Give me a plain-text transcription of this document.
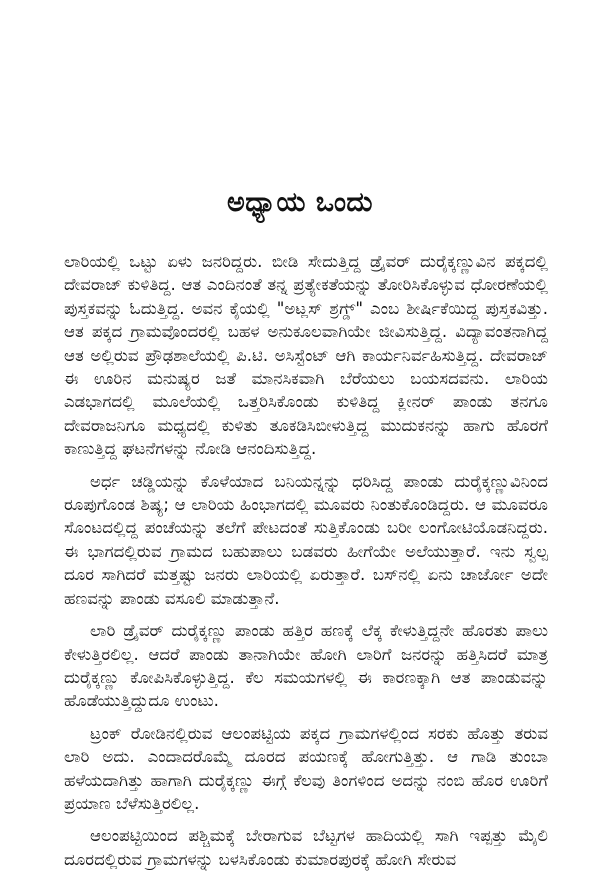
ಅಧ್ಯಾಯ ಒಂದು

ಲಾರಿಯಲ್ಲಿ ಒಟ್ಟು ಏಳು ಜನರಿದ್ದರು. ಬೀಡಿ ಸೇದುತ್ತಿದ್ದ ಡ್ರೈವರ್ ದುರೈಕ್ಕಣ್ಣುವಿನ ಪಕ್ಕದಲ್ಲಿ ದೇವರಾಜ್ ಕುಳಿತಿದ್ದ. ಆತ ಎಂದಿನಂತೆ ತನ್ನ ಪ್ರತ್ಯೇಕತೆಯನ್ನು ತೋರಿಸಿಕೊಳ್ಳುವ ಧೋರಣೆಯಲ್ಲಿ ಪುಸ್ತಕವನ್ನು ಓದುತ್ತಿದ್ದ. ಅವನ ಕೈಯಲ್ಲಿ "ಅಟ್ಲಸ್ ಶ್ರಗ್ಡ್" ಎಂಬ ಶೀರ್ಷಿಕೆಯಿದ್ದ ಪುಸ್ತಕವಿತ್ತು. ಆತ ಪಕ್ಕದ ಗ್ರಾಮವೊಂದರಲ್ಲಿ ಬಹಳ ಅನುಕೂಲವಾಗಿಯೇ ಜೀವಿಸುತ್ತಿದ್ದ. ವಿದ್ಯಾವಂತನಾಗಿದ್ದ ಆತ ಅಲ್ಲಿರುವ ಪ್ರೌಢಶಾಲೆಯಲ್ಲಿ ಪಿ.ಟಿ. ಅಸಿಸ್ಟೆಂಟ್ ಆಗಿ ಕಾರ್ಯನಿರ್ವಹಿಸುತ್ತಿದ್ದ. ದೇವರಾಜ್ ಈ ಊರಿನ ಮನುಷ್ಯರ ಜತೆ ಮಾನಸಿಕವಾಗಿ ಬೆರೆಯಲು ಬಯಸದವನು. ಲಾರಿಯ ಎಡಭಾಗದಲ್ಲಿ ಮೂಲೆಯಲ್ಲಿ ಒತ್ತರಿಸಿಕೊಂಡು ಕುಳಿತಿದ್ದ ಕ್ಲೀನರ್ ಪಾಂಡು ತನಗೂ ದೇವರಾಜನಿಗೂ ಮಧ್ಯದಲ್ಲಿ ಕುಳಿತು ತೂಕಡಿಸಿಬೀಳುತ್ತಿದ್ದ ಮುದುಕನನ್ನು ಹಾಗು ಹೊರಗೆ ಕಾಣುತ್ತಿದ್ದ ಘಟನೆಗಳನ್ನು ನೋಡಿ ಆನಂದಿಸುತ್ತಿದ್ದ.

ಅರ್ಧ ಚಡ್ಡಿಯನ್ನು ಕೊಳೆಯಾದ ಬನಿಯನ್ನನ್ನು ಧರಿಸಿದ್ದ ಪಾಂಡು ದುರೈಕ್ಕಣ್ಣುವಿನಿಂದ ರೂಪುಗೊಂಡ ಶಿಷ್ಯ; ಆ ಲಾರಿಯ ಹಿಂಭಾಗದಲ್ಲಿ ಮೂವರು ನಿಂತುಕೊಂಡಿದ್ದರು. ಆ ಮೂವರೂ ಸೊಂಟದಲ್ಲಿದ್ದ ಪಂಚೆಯನ್ನು ತಲೆಗೆ ಪೇಟದಂತೆ ಸುತ್ತಿಕೊಂಡು ಬರೀ ಲಂಗೋಟಿಯೊಡನಿದ್ದರು. ಈ ಭಾಗದಲ್ಲಿರುವ ಗ್ರಾಮದ ಬಹುಪಾಲು ಬಡವರು ಹೀಗೆಯೇ ಅಲೆಯುತ್ತಾರೆ. ಇನು ಸ್ವಲ್ಪ ದೂರ ಸಾಗಿದರೆ ಮತ್ತಷ್ಟು ಜನರು ಲಾರಿಯಲ್ಲಿ ಏರುತ್ತಾರೆ. ಬಸ್‌ನಲ್ಲಿ ಏನು ಚಾರ್ಜೋ ಅದೇ ಹಣವನ್ನು ಪಾಂಡು ವಸೂಲಿ ಮಾಡುತ್ತಾನೆ.

ಲಾರಿ ಡ್ರೈವರ್ ದುರೈಕ್ಕಣ್ಣು ಪಾಂಡು ಹತ್ತಿರ ಹಣಕ್ಕೆ ಲೆಕ್ಕ ಕೇಳುತ್ತಿದ್ದನೇ ಹೊರತು ಪಾಲು ಕೇಳುತ್ತಿರಲಿಲ್ಲ. ಆದರೆ ಪಾಂಡು ತಾನಾಗಿಯೇ ಹೋಗಿ ಲಾರಿಗೆ ಜನರನ್ನು ಹತ್ತಿಸಿದರೆ ಮಾತ್ರ ದುರೈಕ್ಕಣ್ಣು ಕೋಪಿಸಿಕೊಳ್ಳುತ್ತಿದ್ದ. ಕೆಲ ಸಮಯಗಳಲ್ಲಿ ಈ ಕಾರಣಕ್ಕಾಗಿ ಆತ ಪಾಂಡುವನ್ನು ಹೊಡೆಯುತ್ತಿದ್ದುದೂ ಉಂಟು.

ಟ್ರಂಕ್ ರೋಡಿನಲ್ಲಿರುವ ಆಲಂಪಟ್ಟಿಯ ಪಕ್ಕದ ಗ್ರಾಮಗಳಲ್ಲಿಂದ ಸರಕು ಹೊತ್ತು ತರುವ ಲಾರಿ ಅದು. ಎಂದಾದರೊಮ್ಮೆ ದೂರದ ಪಯಣಕ್ಕೆ ಹೋಗುತ್ತಿತ್ತು. ಆ ಗಾಡಿ ತುಂಬಾ ಹಳೆಯದಾಗಿತ್ತು ಹಾಗಾಗಿ ದುರೈಕ್ಕಣ್ಣು ಈಗ್ಗೆ ಕೆಲವು ತಿಂಗಳಿಂದ ಅದನ್ನು ನಂಬಿ ಹೊರ ಊರಿಗೆ ಪ್ರಯಾಣ ಬೆಳೆಸುತ್ತಿರಲಿಲ್ಲ.

ಆಲಂಪಟ್ಟಿಯಿಂದ ಪಶ್ಚಿಮಕ್ಕೆ ಬೇರಾಗುವ ಬೆಟ್ಟಗಳ ಹಾದಿಯಲ್ಲಿ ಸಾಗಿ ಇಪ್ಪತ್ತು ಮೈಲಿ ದೂರದಲ್ಲಿರುವ ಗ್ರಾಮಗಳನ್ನು ಬಳಸಿಕೊಂಡು ಕುಮಾರಪುರಕ್ಕೆ ಹೋಗಿ ಸೇರುವ
